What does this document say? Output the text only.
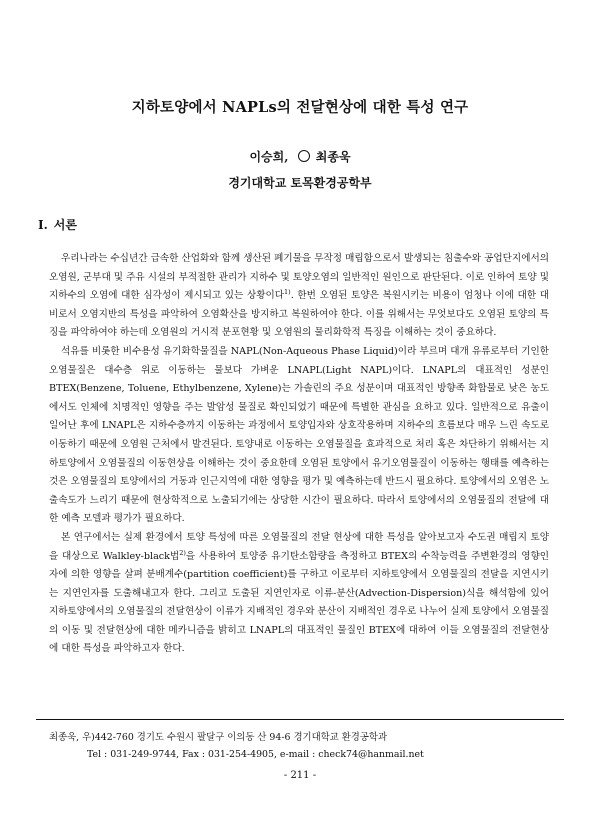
지하토양에서 NAPLs의 전달현상에 대한 특성 연구
이승희, 최종욱
경기대학교 토목환경공학부
I. 서론

우리나라는 수십년간 급속한 산업화와 함께 생산된 폐기물을 무작정 매립함으로서 발생되는 침출수와 공업단지에서의 오염원, 군부대 및 주유 시설의 부적절한 관리가 지하수 및 토양오염의 일반적인 원인으로 판단된다. 이로 인하여 토양 및 지하수의 오염에 대한 심각성이 제시되고 있는 상황이다$^{1)}$. 한번 오염된 토양은 복원시키는 비용이 엄청나 이에 대한 대비로서 오염지반의 특성을 파악하여 오염확산을 방지하고 복원하여야 한다. 이를 위해서는 무엇보다도 오염된 토양의 특징을 파악하여야 하는데 오염원의 거시적 분포현황 및 오염원의 물리화학적 특징을 이해하는 것이 중요하다.

석유를 비롯한 비수용성 유기화학물질을 NAPL(Non-Aqueous Phase Liquid)이라 부르며 대개 유류로부터 기인한 오염물질은 대수층 위로 이동하는 물보다 가벼운 LNAPL(Light NAPL)이다. LNAPL의 대표적인 성분인 BTEX(Benzene, Toluene, Ethylbenzene, Xylene)는 가솔린의 주요 성분이며 대표적인 방향족 화합물로 낮은 농도에서도 인체에 치명적인 영향을 주는 발암성 물질로 확인되었기 때문에 특별한 관심을 요하고 있다. 일반적으로 유출이 일어난 후에 LNAPL은 지하수층까지 이동하는 과정에서 토양입자와 상호작용하며 지하수의 흐름보다 매우 느린 속도로 이동하기 때문에 오염원 근처에서 발견된다. 토양내로 이동하는 오염물질을 효과적으로 처리 혹은 차단하기 위해서는 지하토양에서 오염물질의 이동현상을 이해하는 것이 중요한데 오염된 토양에서 유기오염물질이 이동하는 행태를 예측하는 것은 오염물질의 토양에서의 거동과 인근지역에 대한 영향을 평가 및 예측하는데 반드시 필요하다. 토양에서의 오염은 노출속도가 느리기 때문에 현상학적으로 노출되기에는 상당한 시간이 필요하다. 따라서 토양에서의 오염물질의 전달에 대한 예측 모델과 평가가 필요하다.

본 연구에서는 실제 환경에서 토양 특성에 따른 오염물질의 전달 현상에 대한 특성을 알아보고자 수도권 매립지 토양을 대상으로 Walkley-black법$^{2)}$을 사용하여 토양중 유기탄소함량을 측정하고 BTEX의 수착능력을 주변환경의 영향인자에 의한 영향을 살펴 분배계수(partition coefficient)를 구하고 이로부터 지하토양에서 오염물질의 전달을 지연시키는 지연인자를 도출해내고자 한다. 그리고 도출된 지연인자로 이류-분산(Advection-Dispersion)식을 해석함에 있어 지하토양에서의 오염물질의 전달현상이 이류가 지배적인 경우와 분산이 지배적인 경우로 나누어 실제 토양에서 오염물질의 이동 및 전달현상에 대한 메카니즘을 밝히고 LNAPL의 대표적인 물질인 BTEX에 대하여 이들 오염물질의 전달현상에 대한 특성을 파악하고자 한다.

최종욱, 우)442-760 경기도 수원시 팔달구 이의동 산 94-6 경기대학교 환경공학과
Tel : 031-249-9744, Fax : 031-254-4905, e-mail : check74@hanmail.net
- 211 -
